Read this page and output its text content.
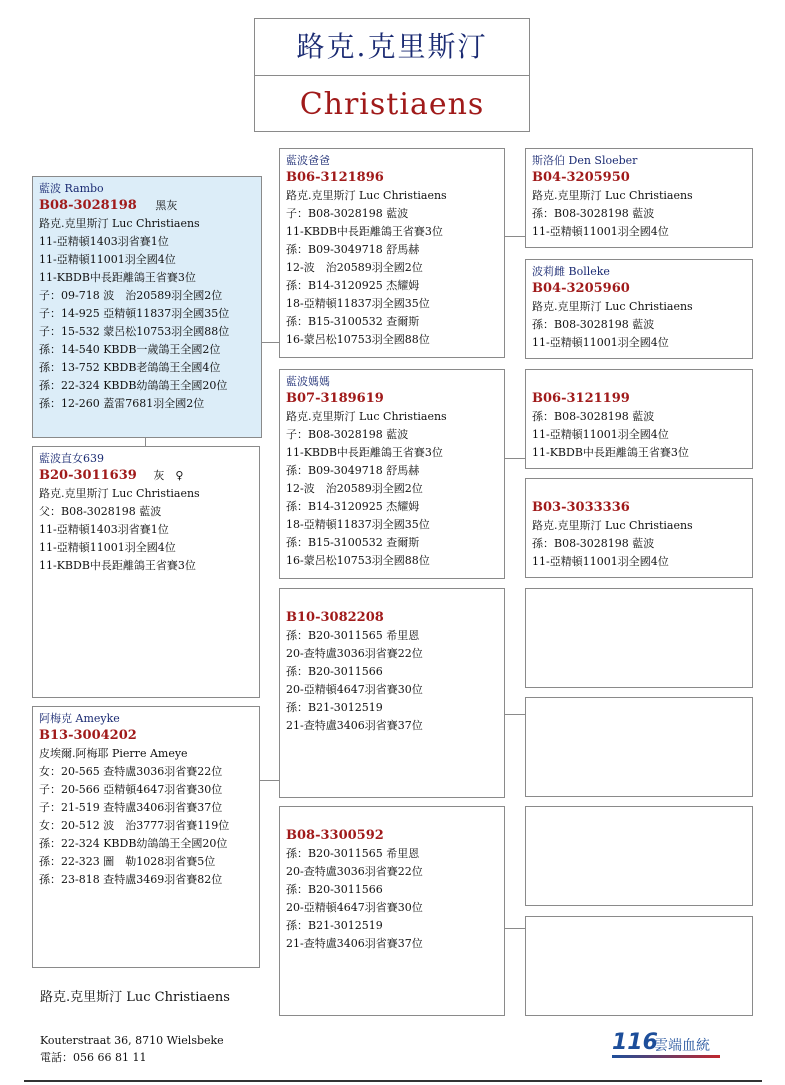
路克.克里斯汀
Christiaens
藍波 Rambo
B08-3028198 黑灰
路克.克里斯汀 Luc Christiaens
11-亞精頓1403羽省賽1位
11-亞精頓11001羽全國4位
11-KBDB中長距離鴿王省賽3位
子：09-718 波　治20589羽全國2位
子：14-925 亞精頓11837羽全國35位
子：15-532 蒙呂松10753羽全國88位
孫：14-540 KBDB一歲鴿王全國2位
孫：13-752 KBDB老鴿鴿王全國4位
孫：22-324 KBDB幼鴿鴿王全國20位
孫：12-260 蓋雷7681羽全國2位
藍波直女639
B20-3011639 灰　♀
路克.克里斯汀 Luc Christiaens
父：B08-3028198 藍波
11-亞精頓1403羽省賽1位
11-亞精頓11001羽全國4位
11-KBDB中長距離鴿王省賽3位
阿梅克 Ameyke
B13-3004202
皮埃爾.阿梅耶 Pierre Ameye
女：20-565 查特盧3036羽省賽22位
子：20-566 亞精頓4647羽省賽30位
子：21-519 查特盧3406羽省賽37位
女：20-512 波　治3777羽省賽119位
孫：22-324 KBDB幼鴿鴿王全國20位
孫：22-323 圖　勒1028羽省賽5位
孫：23-818 查特盧3469羽省賽82位
藍波爸爸
B06-3121896
路克.克里斯汀 Luc Christiaens
子：B08-3028198 藍波
11-KBDB中長距離鴿王省賽3位
孫：B09-3049718 舒馬赫
12-波　治20589羽全國2位
孫：B14-3120925 杰耀姆
18-亞精頓11837羽全國35位
孫：B15-3100532 查爾斯
16-蒙呂松10753羽全國88位
藍波媽媽
B07-3189619
路克.克里斯汀 Luc Christiaens
子：B08-3028198 藍波
11-KBDB中長距離鴿王省賽3位
孫：B09-3049718 舒馬赫
12-波　治20589羽全國2位
孫：B14-3120925 杰耀姆
18-亞精頓11837羽全國35位
孫：B15-3100532 查爾斯
16-蒙呂松10753羽全國88位
B10-3082208
孫：B20-3011565 希里恩
20-查特盧3036羽省賽22位
孫：B20-3011566
20-亞精頓4647羽省賽30位
孫：B21-3012519
21-查特盧3406羽省賽37位
B08-3300592
孫：B20-3011565 希里恩
20-查特盧3036羽省賽22位
孫：B20-3011566
20-亞精頓4647羽省賽30位
孫：B21-3012519
21-查特盧3406羽省賽37位
斯洛伯 Den Sloeber
B04-3205950
路克.克里斯汀 Luc Christiaens
孫：B08-3028198 藍波
11-亞精頓11001羽全國4位
波莉雌 Bolleke
B04-3205960
路克.克里斯汀 Luc Christiaens
孫：B08-3028198 藍波
11-亞精頓11001羽全國4位
B06-3121199
孫：B08-3028198 藍波
11-亞精頓11001羽全國4位
11-KBDB中長距離鴿王省賽3位
B03-3033336
路克.克里斯汀 Luc Christiaens
孫：B08-3028198 藍波
11-亞精頓11001羽全國4位
路克.克里斯汀 Luc Christiaens
Kouterstraat 36, 8710 Wielsbeke
電話：056 66 81 11
116
雲端血統
